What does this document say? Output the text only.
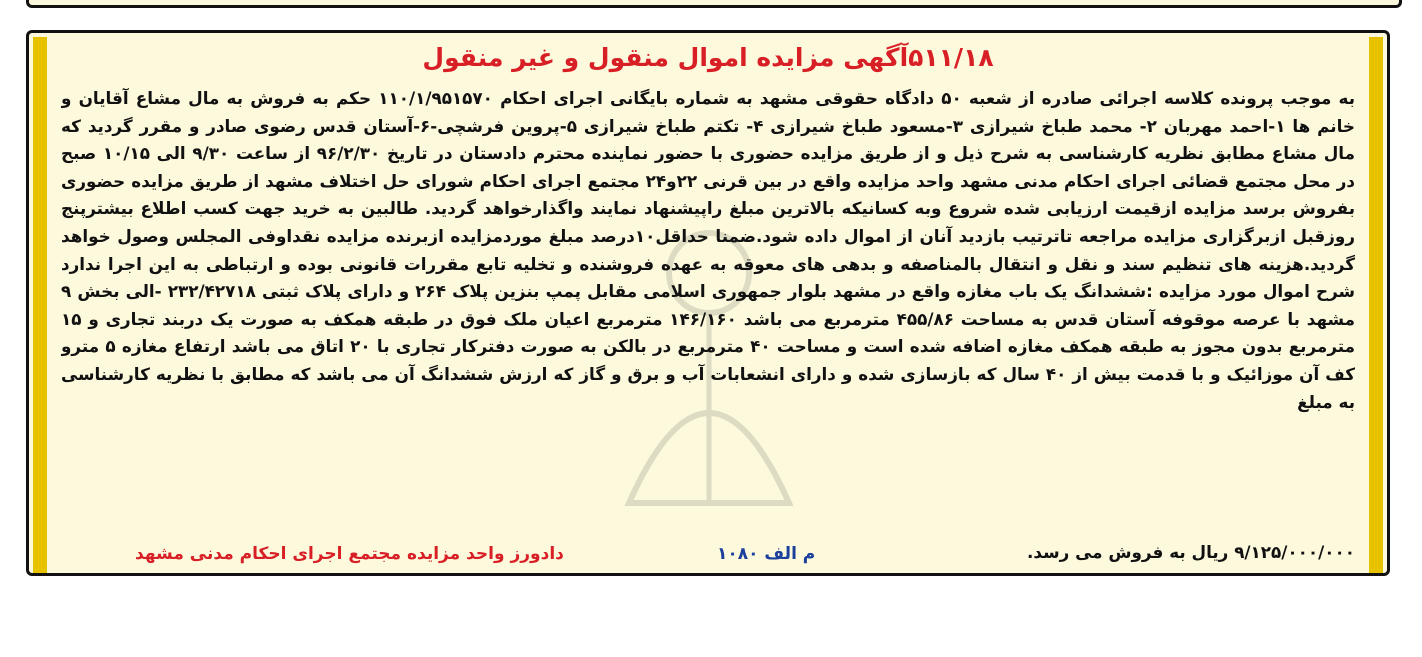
۵۱۱/۱۸آگهی مزایده اموال منقول و غیر منقول
به موجب پرونده کلاسه اجرائی صادره از شعبه ۵۰ دادگاه حقوقی مشهد به شماره بایگانی اجرای احکام ۱۱۰/۱/۹۵۱۵۷۰ حکم به فروش به مال مشاع آقایان و خانم ها ۱-احمد مهربان ۲- محمد طباخ شیرازی ۳-مسعود طباخ شیرازی ۴- تکتم طباخ شیرازی ۵-پروین فرشچی-۶-آستان قدس رضوی صادر و مقرر گردید که مال مشاع مطابق نظریه کارشناسی به شرح ذیل و از طریق مزایده حضوری با حضور نماینده محترم دادستان در تاریخ ۹۶/۲/۳۰ از ساعت ۹/۳۰ الی ۱۰/۱۵ صبح در محل مجتمع قضائی اجرای احکام مدنی مشهد واحد مزایده واقع در بین قرنی ۲۲و۲۴ مجتمع اجرای احکام شورای حل اختلاف مشهد از طریق مزایده حضوری بفروش برسد مزایده ازقیمت ارزیابی شده شروع وبه کسانیکه بالاترین مبلغ راپیشنهاد نمایند واگذارخواهد گردید. طالبین به خرید جهت کسب اطلاع بیشترپنج روزقبل ازبرگزاری مزایده مراجعه تاترتیب بازدید آنان از اموال داده شود.ضمنا حداقل۱۰درصد مبلغ موردمزایده ازبرنده مزایده نقداوفی المجلس وصول خواهد گردید.هزینه های تنظیم سند و نقل و انتقال بالمناصفه و بدهی های معوقه به عهده فروشنده و تخلیه تابع مقررات قانونی بوده و ارتباطی به این اجرا ندارد شرح اموال مورد مزایده :ششدانگ یک باب مغازه واقع در مشهد بلوار جمهوری اسلامی مقابل پمپ بنزین پلاک ۲۶۴ و دارای پلاک ثبتی ۲۳۲/۴۲۷۱۸ -الی بخش ۹ مشهد با عرصه موقوفه آستان قدس به مساحت ۴۵۵/۸۶ مترمربع می باشد ۱۴۶/۱۶۰ مترمربع اعیان ملک فوق در طبقه همکف به صورت یک دربند تجاری و ۱۵ مترمربع بدون مجوز به طبقه همکف مغازه اضافه شده است و مساحت ۴۰ مترمربع در بالکن به صورت دفترکار تجاری با ۲۰ اتاق می باشد ارتفاع مغازه ۵ مترو کف آن موزائیک و با قدمت بیش از ۴۰ سال که بازسازی شده و دارای انشعابات آب و برق و گاز که ارزش ششدانگ آن می باشد که مطابق با نظریه کارشناسی به مبلغ
۹/۱۲۵/۰۰۰/۰۰۰ ریال به فروش می رسد.
م الف ۱۰۸۰
دادورز واحد مزایده مجتمع اجرای احکام مدنی مشهد
